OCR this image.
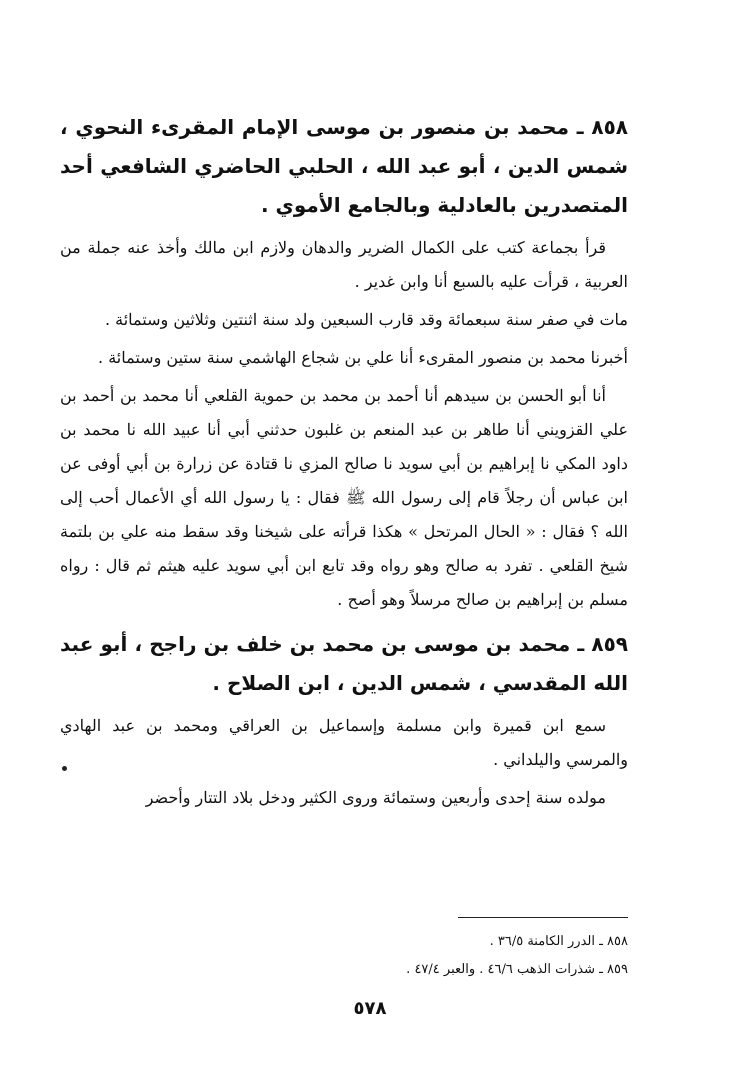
٨٥٨ ـ محمد بن منصور بن موسى الإمام المقرىء النحوي ، شمس الدين ، أبو عبد الله ، الحلبي الحاضري الشافعي أحد المتصدرين بالعادلية وبالجامع الأموي .

قرأ بجماعة كتب على الكمال الضرير والدهان ولازم ابن مالك وأخذ عنه جملة من العربية ، قرأت عليه بالسبع أنا وابن غدير .

مات في صفر سنة سبعمائة وقد قارب السبعين ولد سنة اثنتين وثلاثين وستمائة .

أخبرنا محمد بن منصور المقرىء أنا علي بن شجاع الهاشمي سنة ستين وستمائة .

أنا أبو الحسن بن سيدهم أنا أحمد بن محمد بن حموية القلعي أنا محمد بن أحمد بن علي القزويني أنا طاهر بن عبد المنعم بن غلبون حدثني أبي أنا عبيد الله نا محمد بن داود المكي نا إبراهيم بن أبي سويد نا صالح المزي نا قتادة عن زرارة بن أبي أوفى عن ابن عباس أن رجلاً قام إلى رسول الله ﷺ فقال : يا رسول الله أي الأعمال أحب إلى الله ؟ فقال : « الحال المرتحل » هكذا قرأته على شيخنا وقد سقط منه علي بن بلتمة شيخ القلعي . تفرد به صالح وهو رواه وقد تابع ابن أبي سويد عليه هيثم ثم قال : رواه مسلم بن إبراهيم بن صالح مرسلاً وهو أصح .

٨٥٩ ـ محمد بن موسى بن محمد بن خلف بن راجح ، أبو عبد الله المقدسي ، شمس الدين ، ابن الصلاح .

سمع ابن قميرة وابن مسلمة وإسماعيل بن العراقي ومحمد بن عبد الهادي والمرسي واليلداني .

مولده سنة إحدى وأربعين وستمائة وروى الكثير ودخل بلاد التتار وأحضر

٨٥٨ ـ الدرر الكامنة ٣٦/٥ .

٨٥٩ ـ شذرات الذهب ٤٦/٦ . والعبر ٤٧/٤ .

٥٧٨
